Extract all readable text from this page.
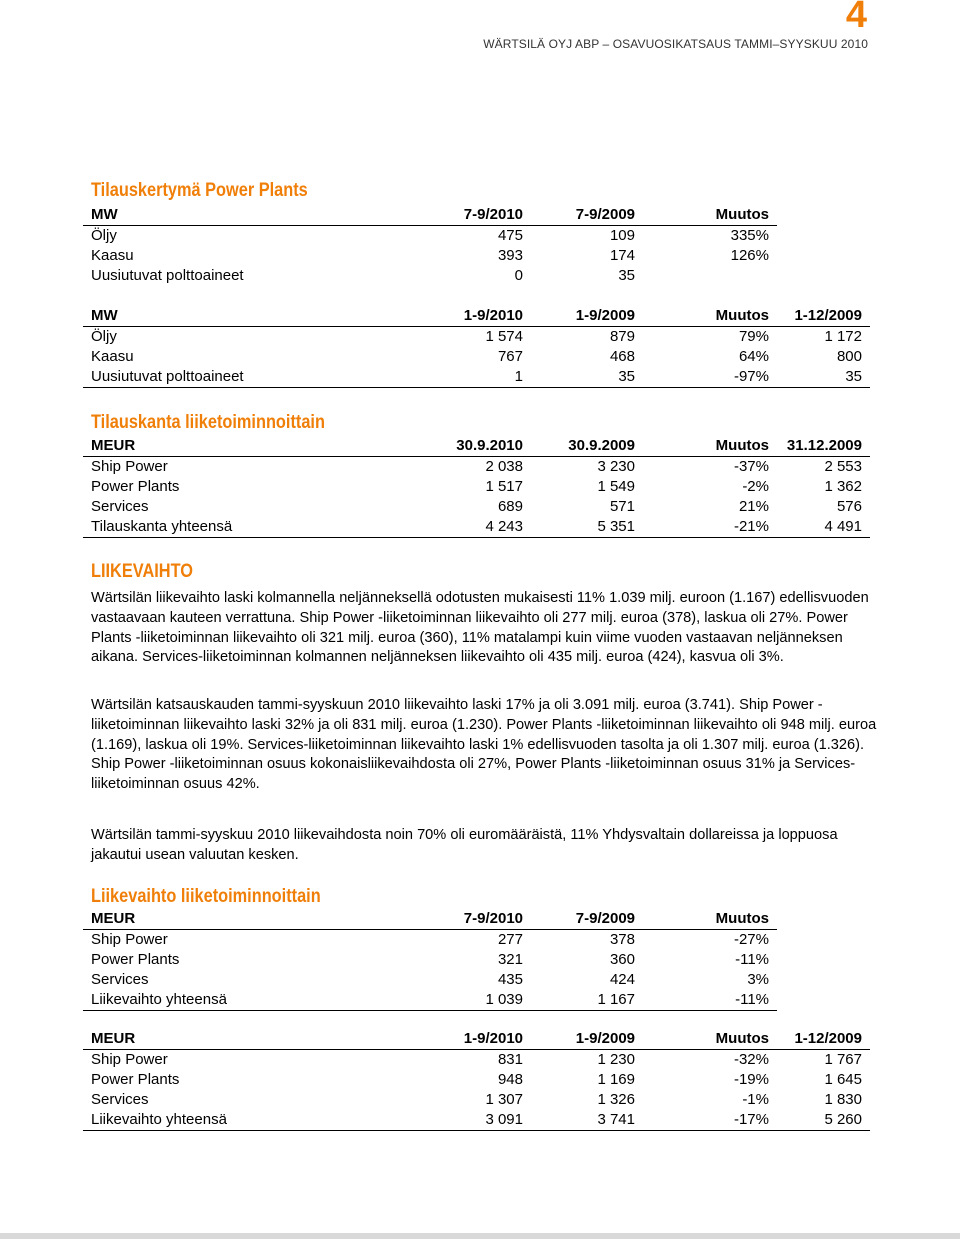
4
WÄRTSILÄ OYJ ABP – OSAVUOSIKATSAUS TAMMI–SYYSKUU 2010
Tilauskertymä Power Plants
MW	7-9/2010	7-9/2009	Muutos
Öljy	475	109	335%
Kaasu	393	174	126%
Uusiutuvat polttoaineet	0	35	
MW	1-9/2010	1-9/2009	Muutos	1-12/2009
Öljy	1 574	879	79%	1 172
Kaasu	767	468	64%	800
Uusiutuvat polttoaineet	1	35	-97%	35
Tilauskanta liiketoiminnoittain
MEUR	30.9.2010	30.9.2009	Muutos	31.12.2009
Ship Power	2 038	3 230	-37%	2 553
Power Plants	1 517	1 549	-2%	1 362
Services	689	571	21%	576
Tilauskanta yhteensä	4 243	5 351	-21%	4 491
LIIKEVAIHTO

Wärtsilän liikevaihto laski kolmannella neljänneksellä odotusten mukaisesti 11% 1.039 milj. euroon (1.167) edellisvuoden vastaavaan kauteen verrattuna. Ship Power -liiketoiminnan liikevaihto oli 277 milj. euroa (378), laskua oli 27%. Power Plants -liiketoiminnan liikevaihto oli 321 milj. euroa (360), 11% matalampi kuin viime vuoden vastaavan neljänneksen aikana. Services-liiketoiminnan kolmannen neljänneksen liikevaihto oli 435 milj. euroa (424), kasvua oli 3%.

Wärtsilän katsauskauden tammi-syyskuun 2010 liikevaihto laski 17% ja oli 3.091 milj. euroa (3.741). Ship Power -liiketoiminnan liikevaihto laski 32% ja oli 831 milj. euroa (1.230). Power Plants -liiketoiminnan liikevaihto oli 948 milj. euroa (1.169), laskua oli 19%. Services-liiketoiminnan liikevaihto laski 1% edellisvuoden tasolta ja oli 1.307 milj. euroa (1.326). Ship Power -liiketoiminnan osuus kokonaisliikevaihdosta oli 27%, Power Plants -liiketoiminnan osuus 31% ja Services-liiketoiminnan osuus 42%.

Wärtsilän tammi-syyskuu 2010 liikevaihdosta noin 70% oli euromääräistä, 11% Yhdysvaltain dollareissa ja loppuosa jakautui usean valuutan kesken.

Liikevaihto liiketoiminnoittain
MEUR	7-9/2010	7-9/2009	Muutos
Ship Power	277	378	-27%
Power Plants	321	360	-11%
Services	435	424	3%
Liikevaihto yhteensä	1 039	1 167	-11%
MEUR	1-9/2010	1-9/2009	Muutos	1-12/2009
Ship Power	831	1 230	-32%	1 767
Power Plants	948	1 169	-19%	1 645
Services	1 307	1 326	-1%	1 830
Liikevaihto yhteensä	3 091	3 741	-17%	5 260
